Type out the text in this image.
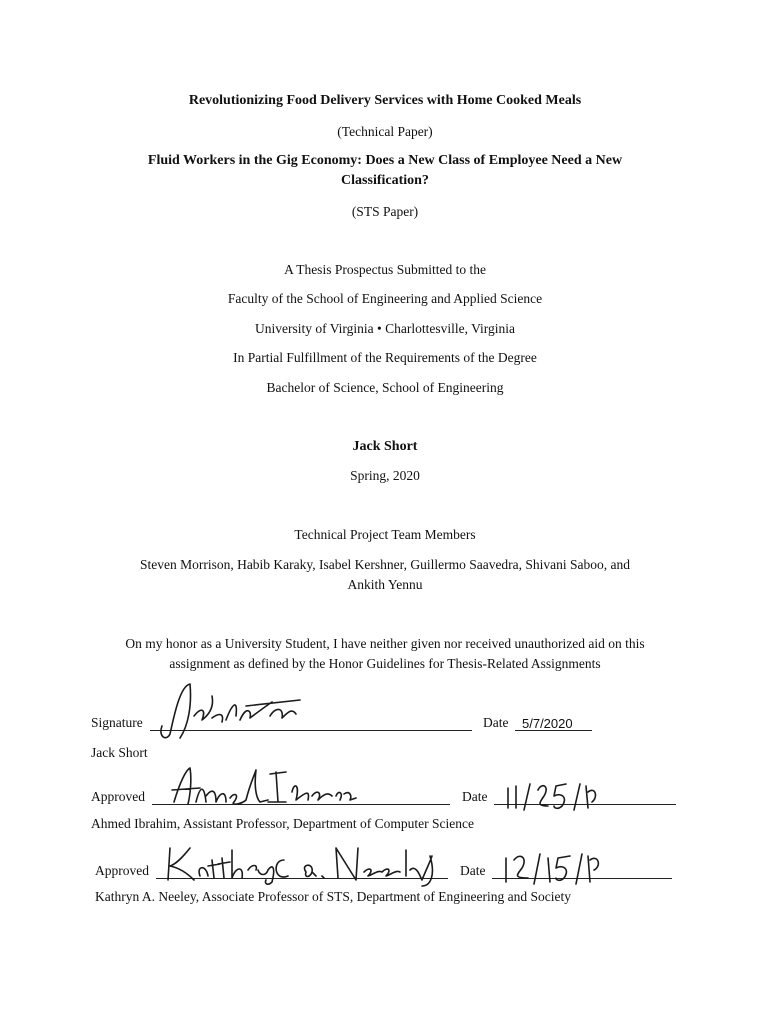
Revolutionizing Food Delivery Services with Home Cooked Meals
(Technical Paper)
Fluid Workers in the Gig Economy: Does a New Class of Employee Need a New
Classification?
(STS Paper)
A Thesis Prospectus Submitted to the
Faculty of the School of Engineering and Applied Science
University of Virginia • Charlottesville, Virginia
In Partial Fulfillment of the Requirements of the Degree
Bachelor of Science, School of Engineering
Jack Short
Spring, 2020
Technical Project Team Members
Steven Morrison, Habib Karaky, Isabel Kershner, Guillermo Saavedra, Shivani Saboo, and
Ankith Yennu
On my honor as a University Student, I have neither given nor received unauthorized aid on this
assignment as defined by the Honor Guidelines for Thesis-Related Assignments
Signature	Date 5/7/2020
Jack Short
Approved	Date
Ahmed Ibrahim, Assistant Professor, Department of Computer Science
Approved	Date
Kathryn A. Neeley, Associate Professor of STS, Department of Engineering and Society
